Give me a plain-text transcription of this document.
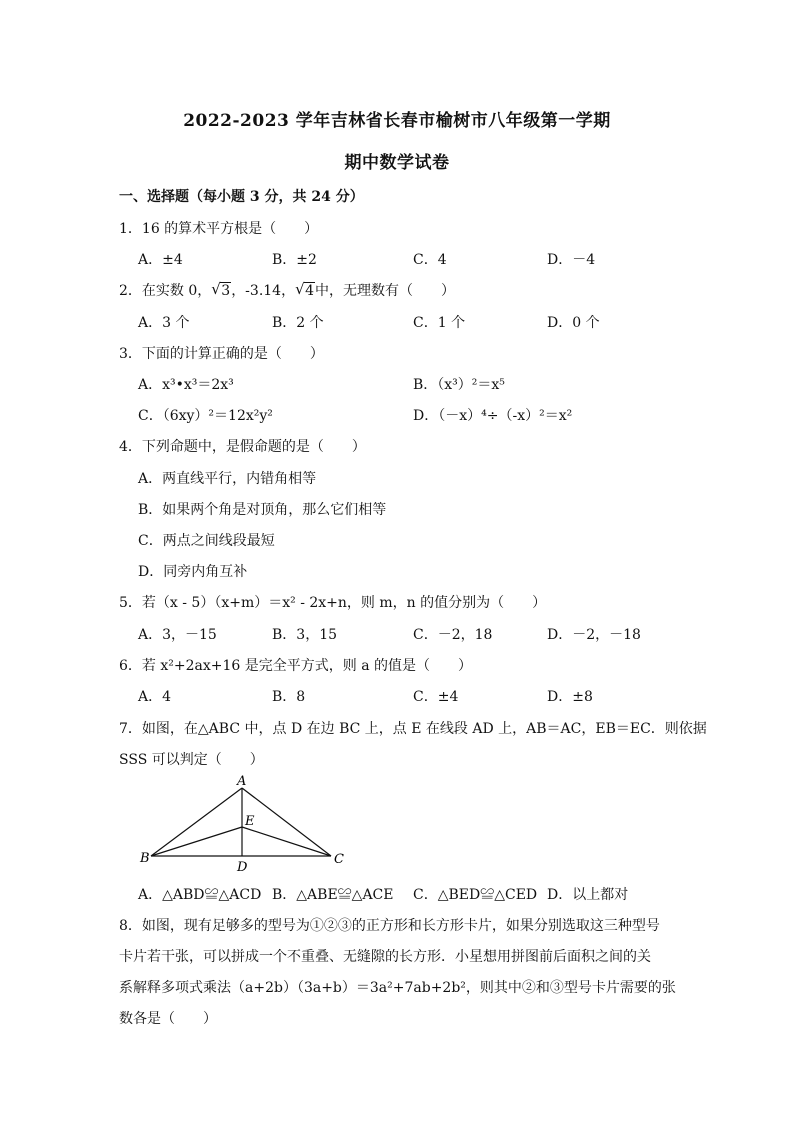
2022-2023 学年吉林省长春市榆树市八年级第一学期
期中数学试卷
一、选择题（每小题 3 分，共 24 分）
1．16 的算术平方根是（　　）
A．±4	B．±2	C．4	D．－4
2．在实数 0， √ 3，-3.14， √ 4中，无理数有（　　）
A．3 个	B．2 个	C．1 个	D．0 个
3．下面的计算正确的是（　　）
A．x³•x³＝2x³	B．（x³）²＝x⁵
C．（6xy）²＝12x²y²	D．（－x）⁴÷（-x）²＝x²
4．下列命题中，是假命题的是（　　）
A．两直线平行，内错角相等
B．如果两个角是对顶角，那么它们相等
C．两点之间线段最短
D．同旁内角互补
5．若（x - 5）（x+m）＝x² - 2x+n，则 m，n 的值分别为（　　）
A．3，－15	B．3，15	C．－2，18	D．－2，－18
6．若 x²+2ax+16 是完全平方式，则 a 的值是（　　）
A．4	B．8	C．±4	D．±8
7．如图，在△ABC 中，点 D 在边 BC 上，点 E 在线段 AD 上，AB＝AC，EB＝EC．则依据
SSS 可以判定（　　）
A
E
B
D
C
A．△ABD≌△ACD B．△ABE≌△ACE C．△BED≌△CED D．以上都对
8．如图，现有足够多的型号为①②③的正方形和长方形卡片，如果分别选取这三种型号
卡片若干张，可以拼成一个不重叠、无缝隙的长方形．小星想用拼图前后面积之间的关
系解释多项式乘法（a+2b）（3a+b）＝3a²+7ab+2b²，则其中②和③型号卡片需要的张
数各是（　　）
